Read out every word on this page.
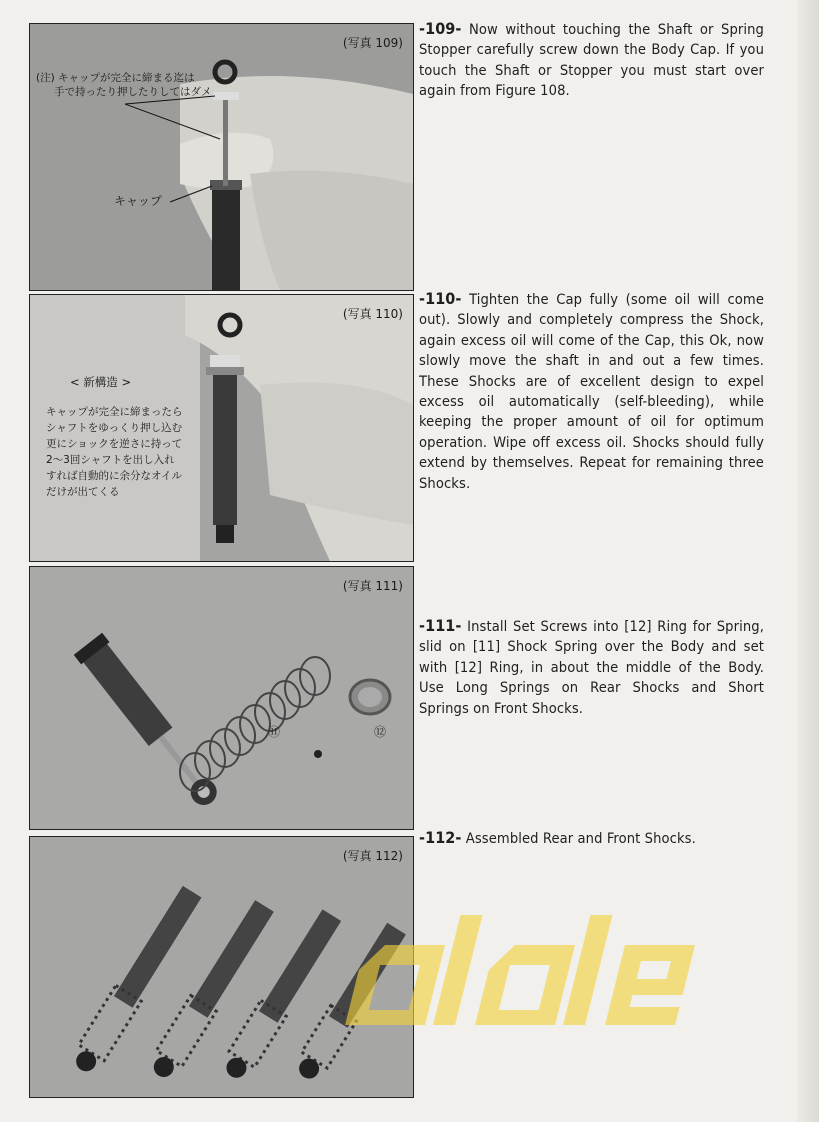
(写真 109)
(注) キャップが完全に締まる迄は
手で持ったり押したりしてはダメ
キャップ
(写真 110)
< 新構造 >
キャップが完全に締まったら
シャフトをゆっくり押し込む
更にショックを逆さに持って
2～3回シャフトを出し入れ
すれば自動的に余分なオイル
だけが出てくる
(写真 111)
⑪	⑫
(写真 112)
-109- Now without touching the Shaft or Spring Stopper carefully screw down the Body Cap. If you touch the Shaft or Stopper you must start over again from Figure 108.
-110- Tighten the Cap fully (some oil will come out). Slowly and completely compress the Shock, again excess oil will come of the Cap, this Ok, now slowly move the shaft in and out a few times. These Shocks are of excellent design to expel excess oil automatically (self-bleeding), while keeping the proper amount of oil for optimum operation. Wipe off excess oil. Shocks should fully extend by themselves. Repeat for remaining three Shocks.
-111- Install Set Screws into [12] Ring for Spring, slid on [11] Shock Spring over the Body and set with [12] Ring, in about the middle of the Body. Use Long Springs on Rear Shocks and Short Springs on Front Shocks.
-112- Assembled Rear and Front Shocks.
